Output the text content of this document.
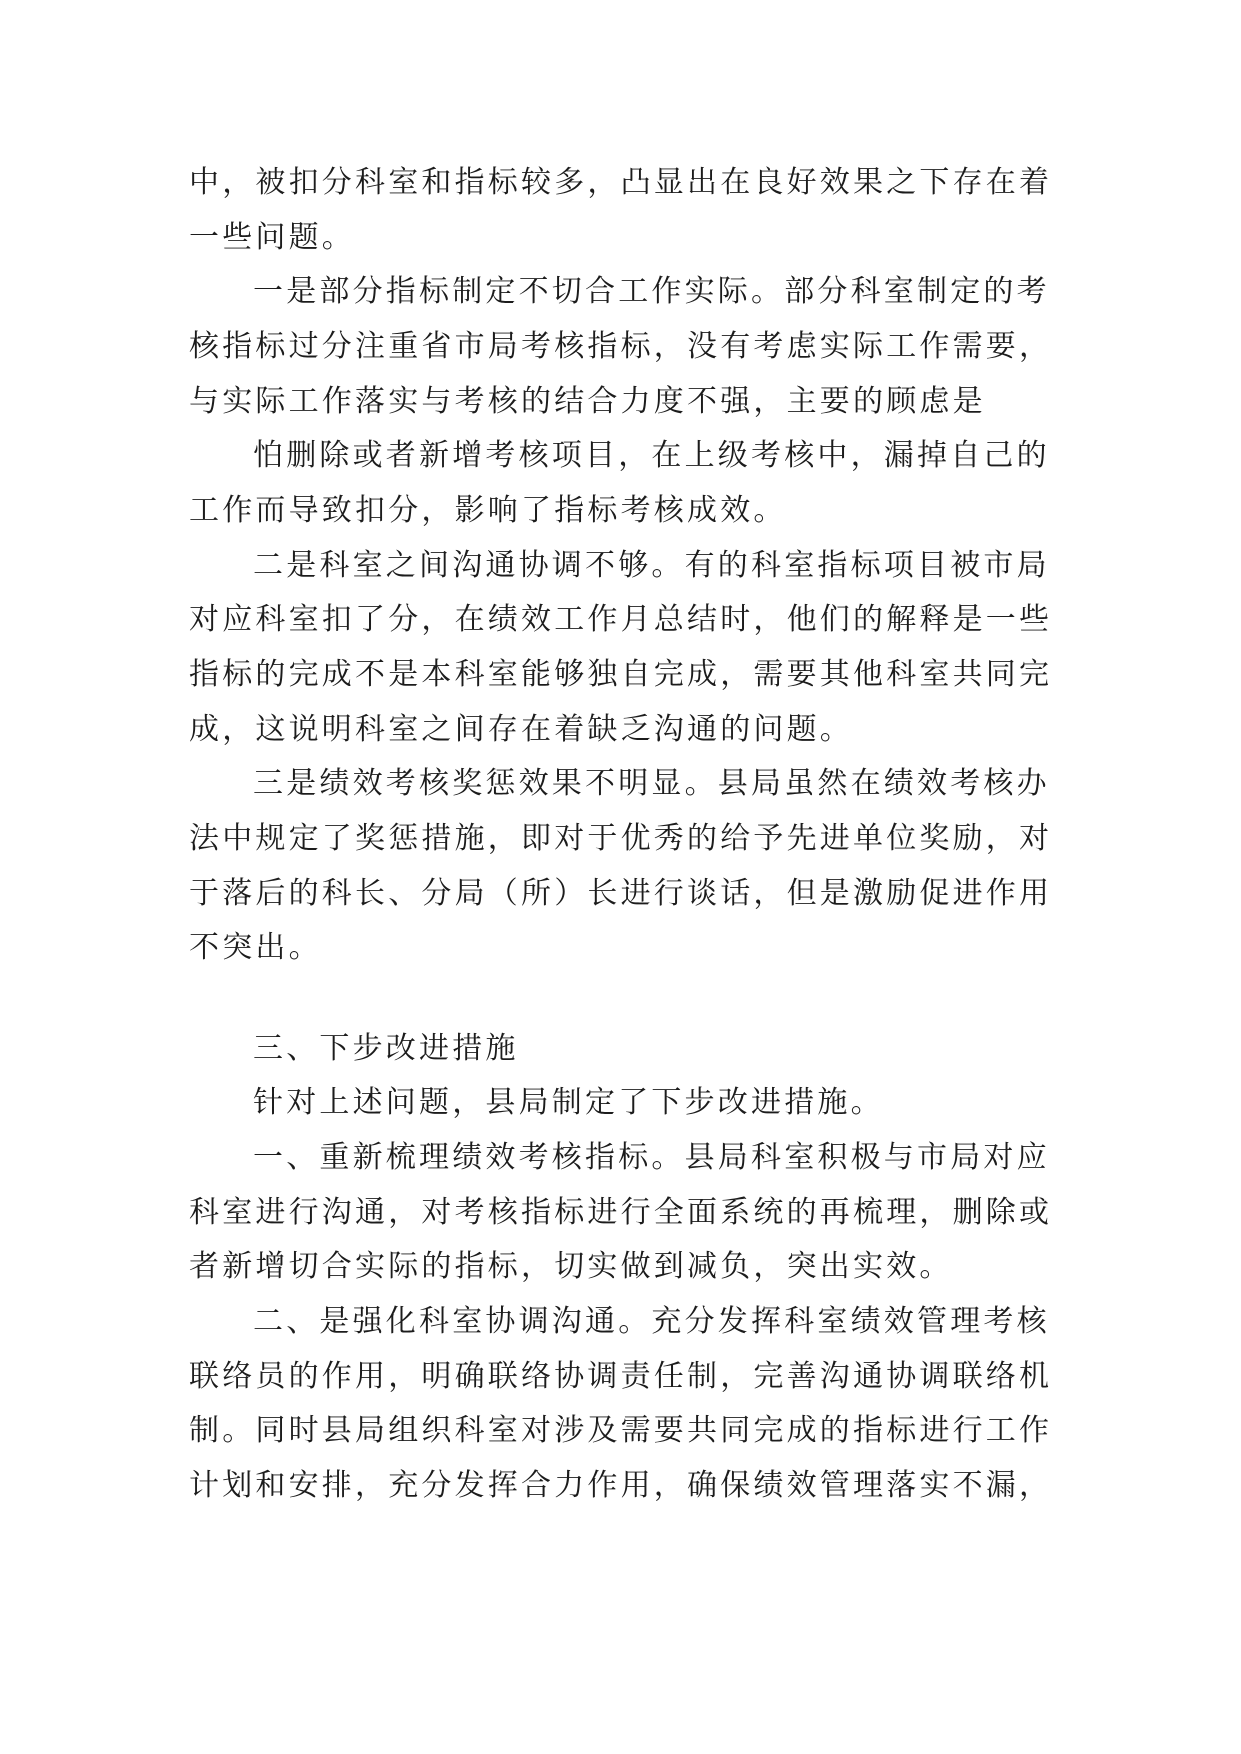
中，被扣分科室和指标较多，凸显出在良好效果之下存在着
一些问题。
一是部分指标制定不切合工作实际。部分科室制定的考
核指标过分注重省市局考核指标，没有考虑实际工作需要，
与实际工作落实与考核的结合力度不强，主要的顾虑是
怕删除或者新增考核项目，在上级考核中，漏掉自己的
工作而导致扣分，影响了指标考核成效。
二是科室之间沟通协调不够。有的科室指标项目被市局
对应科室扣了分，在绩效工作月总结时，他们的解释是一些
指标的完成不是本科室能够独自完成，需要其他科室共同完
成，这说明科室之间存在着缺乏沟通的问题。
三是绩效考核奖惩效果不明显。县局虽然在绩效考核办
法中规定了奖惩措施，即对于优秀的给予先进单位奖励，对
于落后的科长、分局（所）长进行谈话，但是激励促进作用
不突出。
三、下步改进措施
针对上述问题，县局制定了下步改进措施。
一、重新梳理绩效考核指标。县局科室积极与市局对应
科室进行沟通，对考核指标进行全面系统的再梳理，删除或
者新增切合实际的指标，切实做到减负，突出实效。
二、是强化科室协调沟通。充分发挥科室绩效管理考核
联络员的作用，明确联络协调责任制，完善沟通协调联络机
制。同时县局组织科室对涉及需要共同完成的指标进行工作
计划和安排，充分发挥合力作用，确保绩效管理落实不漏，
